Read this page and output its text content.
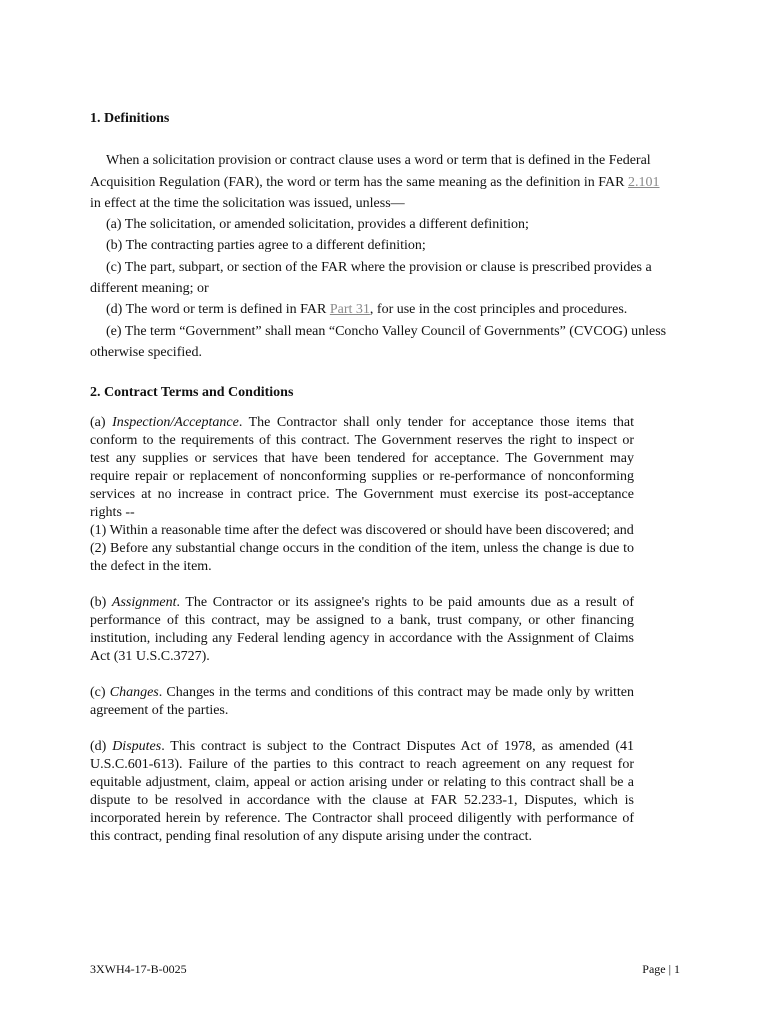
1. Definitions

When a solicitation provision or contract clause uses a word or term that is defined in the Federal Acquisition Regulation (FAR), the word or term has the same meaning as the definition in FAR 2.101 in effect at the time the solicitation was issued, unless—

(a) The solicitation, or amended solicitation, provides a different definition;

(b) The contracting parties agree to a different definition;

(c) The part, subpart, or section of the FAR where the provision or clause is prescribed provides a different meaning; or

(d) The word or term is defined in FAR Part 31, for use in the cost principles and procedures.

(e) The term “Government” shall mean “Concho Valley Council of Governments” (CVCOG) unless otherwise specified.

2. Contract Terms and Conditions

(a) Inspection/Acceptance. The Contractor shall only tender for acceptance those items that conform to the requirements of this contract. The Government reserves the right to inspect or test any supplies or services that have been tendered for acceptance. The Government may require repair or replacement of nonconforming supplies or re-performance of nonconforming services at no increase in contract price. The Government must exercise its post-acceptance rights --
(1) Within a reasonable time after the defect was discovered or should have been discovered; and
(2) Before any substantial change occurs in the condition of the item, unless the change is due to the defect in the item.

(b) Assignment. The Contractor or its assignee's rights to be paid amounts due as a result of performance of this contract, may be assigned to a bank, trust company, or other financing institution, including any Federal lending agency in accordance with the Assignment of Claims Act (31 U.S.C.3727).

(c) Changes. Changes in the terms and conditions of this contract may be made only by written agreement of the parties.

(d) Disputes. This contract is subject to the Contract Disputes Act of 1978, as amended (41 U.S.C.601-613). Failure of the parties to this contract to reach agreement on any request for equitable adjustment, claim, appeal or action arising under or relating to this contract shall be a dispute to be resolved in accordance with the clause at FAR 52.233-1, Disputes, which is incorporated herein by reference. The Contractor shall proceed diligently with performance of this contract, pending final resolution of any dispute arising under the contract.

3XWH4-17-B-0025	Page | 1
